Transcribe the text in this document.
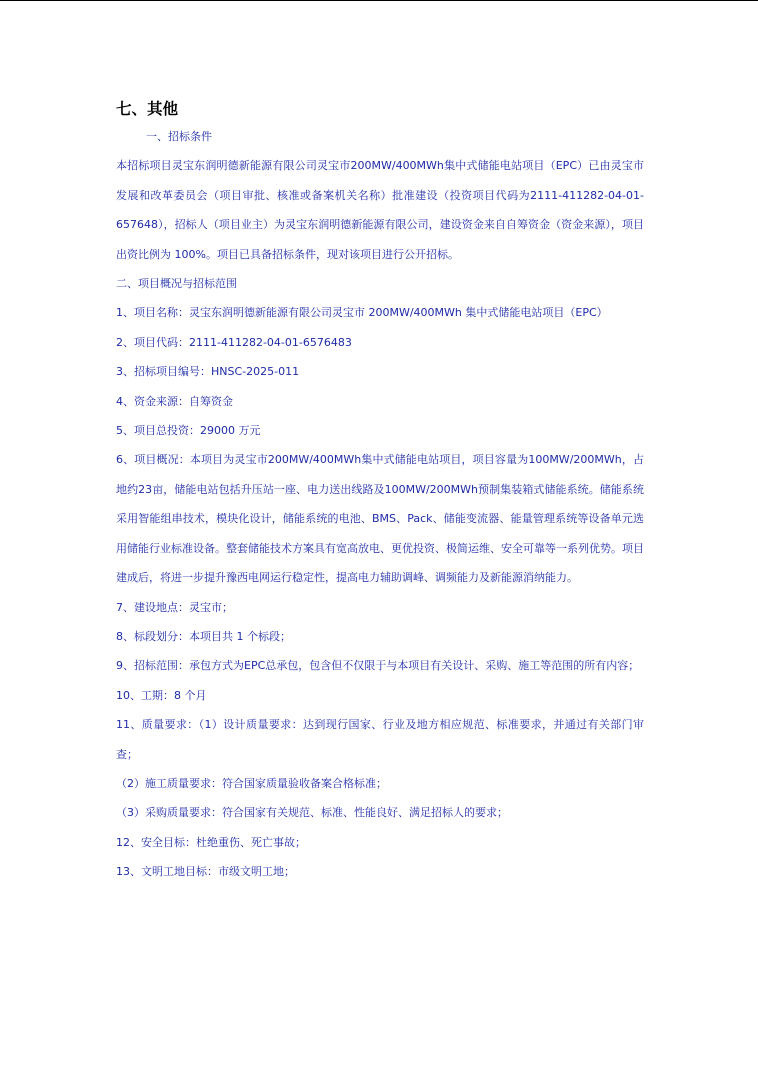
七、其他

一、招标条件

本招标项目灵宝东润明德新能源有限公司灵宝市200MW/400MWh集中式储能电站项目（EPC）已由灵宝市发展和改革委员会（项目审批、核准或备案机关名称）批准建设（投资项目代码为2111-411282-04-01-657648），招标人（项目业主）为灵宝东润明德新能源有限公司，建设资金来自自筹资金（资金来源），项目出资比例为 100%。项目已具备招标条件，现对该项目进行公开招标。

二、项目概况与招标范围

1、项目名称：灵宝东润明德新能源有限公司灵宝市 200MW/400MWh 集中式储能电站项目（EPC）

2、项目代码：2111-411282-04-01-6576483

3、招标项目编号：HNSC-2025-011

4、资金来源：自筹资金

5、项目总投资：29000 万元

6、项目概况：本项目为灵宝市200MW/400MWh集中式储能电站项目，项目容量为100MW/200MWh，占地约23亩，储能电站包括升压站一座、电力送出线路及100MW/200MWh预制集装箱式储能系统。储能系统采用智能组串技术，模块化设计，储能系统的电池、BMS、Pack、储能变流器、能量管理系统等设备单元选用储能行业标准设备。整套储能技术方案具有宽高放电、更优投资、极简运维、安全可靠等一系列优势。项目建成后，将进一步提升豫西电网运行稳定性，提高电力辅助调峰、调频能力及新能源消纳能力。

7、建设地点：灵宝市；

8、标段划分：本项目共 1 个标段；

9、招标范围：承包方式为EPC总承包，包含但不仅限于与本项目有关设计、采购、施工等范围的所有内容；

10、工期：8 个月

11、质量要求：（1）设计质量要求：达到现行国家、行业及地方相应规范、标准要求，并通过有关部门审查；

（2）施工质量要求：符合国家质量验收备案合格标准；

（3）采购质量要求：符合国家有关规范、标准、性能良好、满足招标人的要求；

12、安全目标：杜绝重伤、死亡事故；

13、文明工地目标：市级文明工地；
